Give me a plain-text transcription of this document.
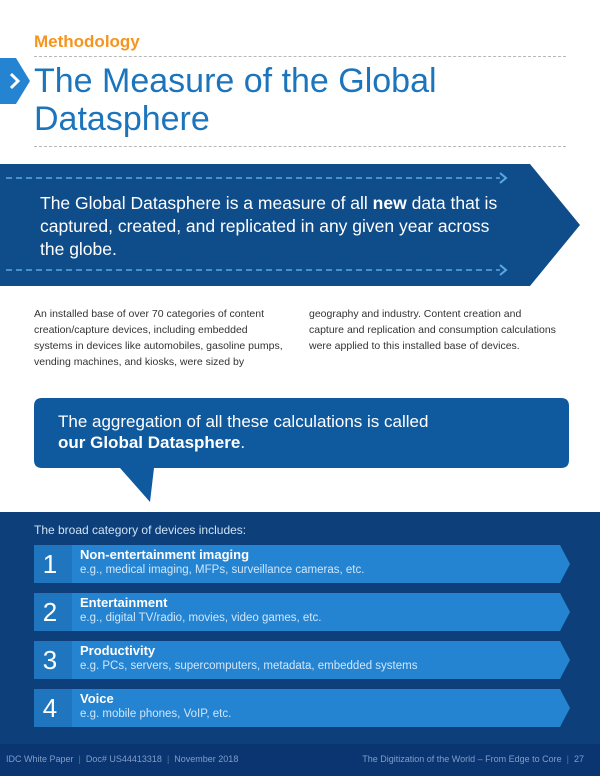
Methodology
The Measure of the Global
Datasphere
The Global Datasphere is a measure of all new data that is captured, created, and replicated in any given year across the globe.
An installed base of over 70 categories of content creation/capture devices, including embedded systems in devices like automobiles, gasoline pumps, vending machines, and kiosks, were sized by
geography and industry. Content creation and capture and replication and consumption calculations were applied to this installed base of devices.
The aggregation of all these calculations is called
our Global Datasphere.
The broad category of devices includes:
1 Non-entertainment imaging
e.g., medical imaging, MFPs, surveillance cameras, etc.
2 Entertainment
e.g., digital TV/radio, movies, video games, etc.
3 Productivity
e.g. PCs, servers, supercomputers, metadata, embedded systems
4 Voice
e.g. mobile phones, VoIP, etc.
IDC White Paper | Doc# US44413318 | November 2018	The Digitization of the World – From Edge to Core | 27
